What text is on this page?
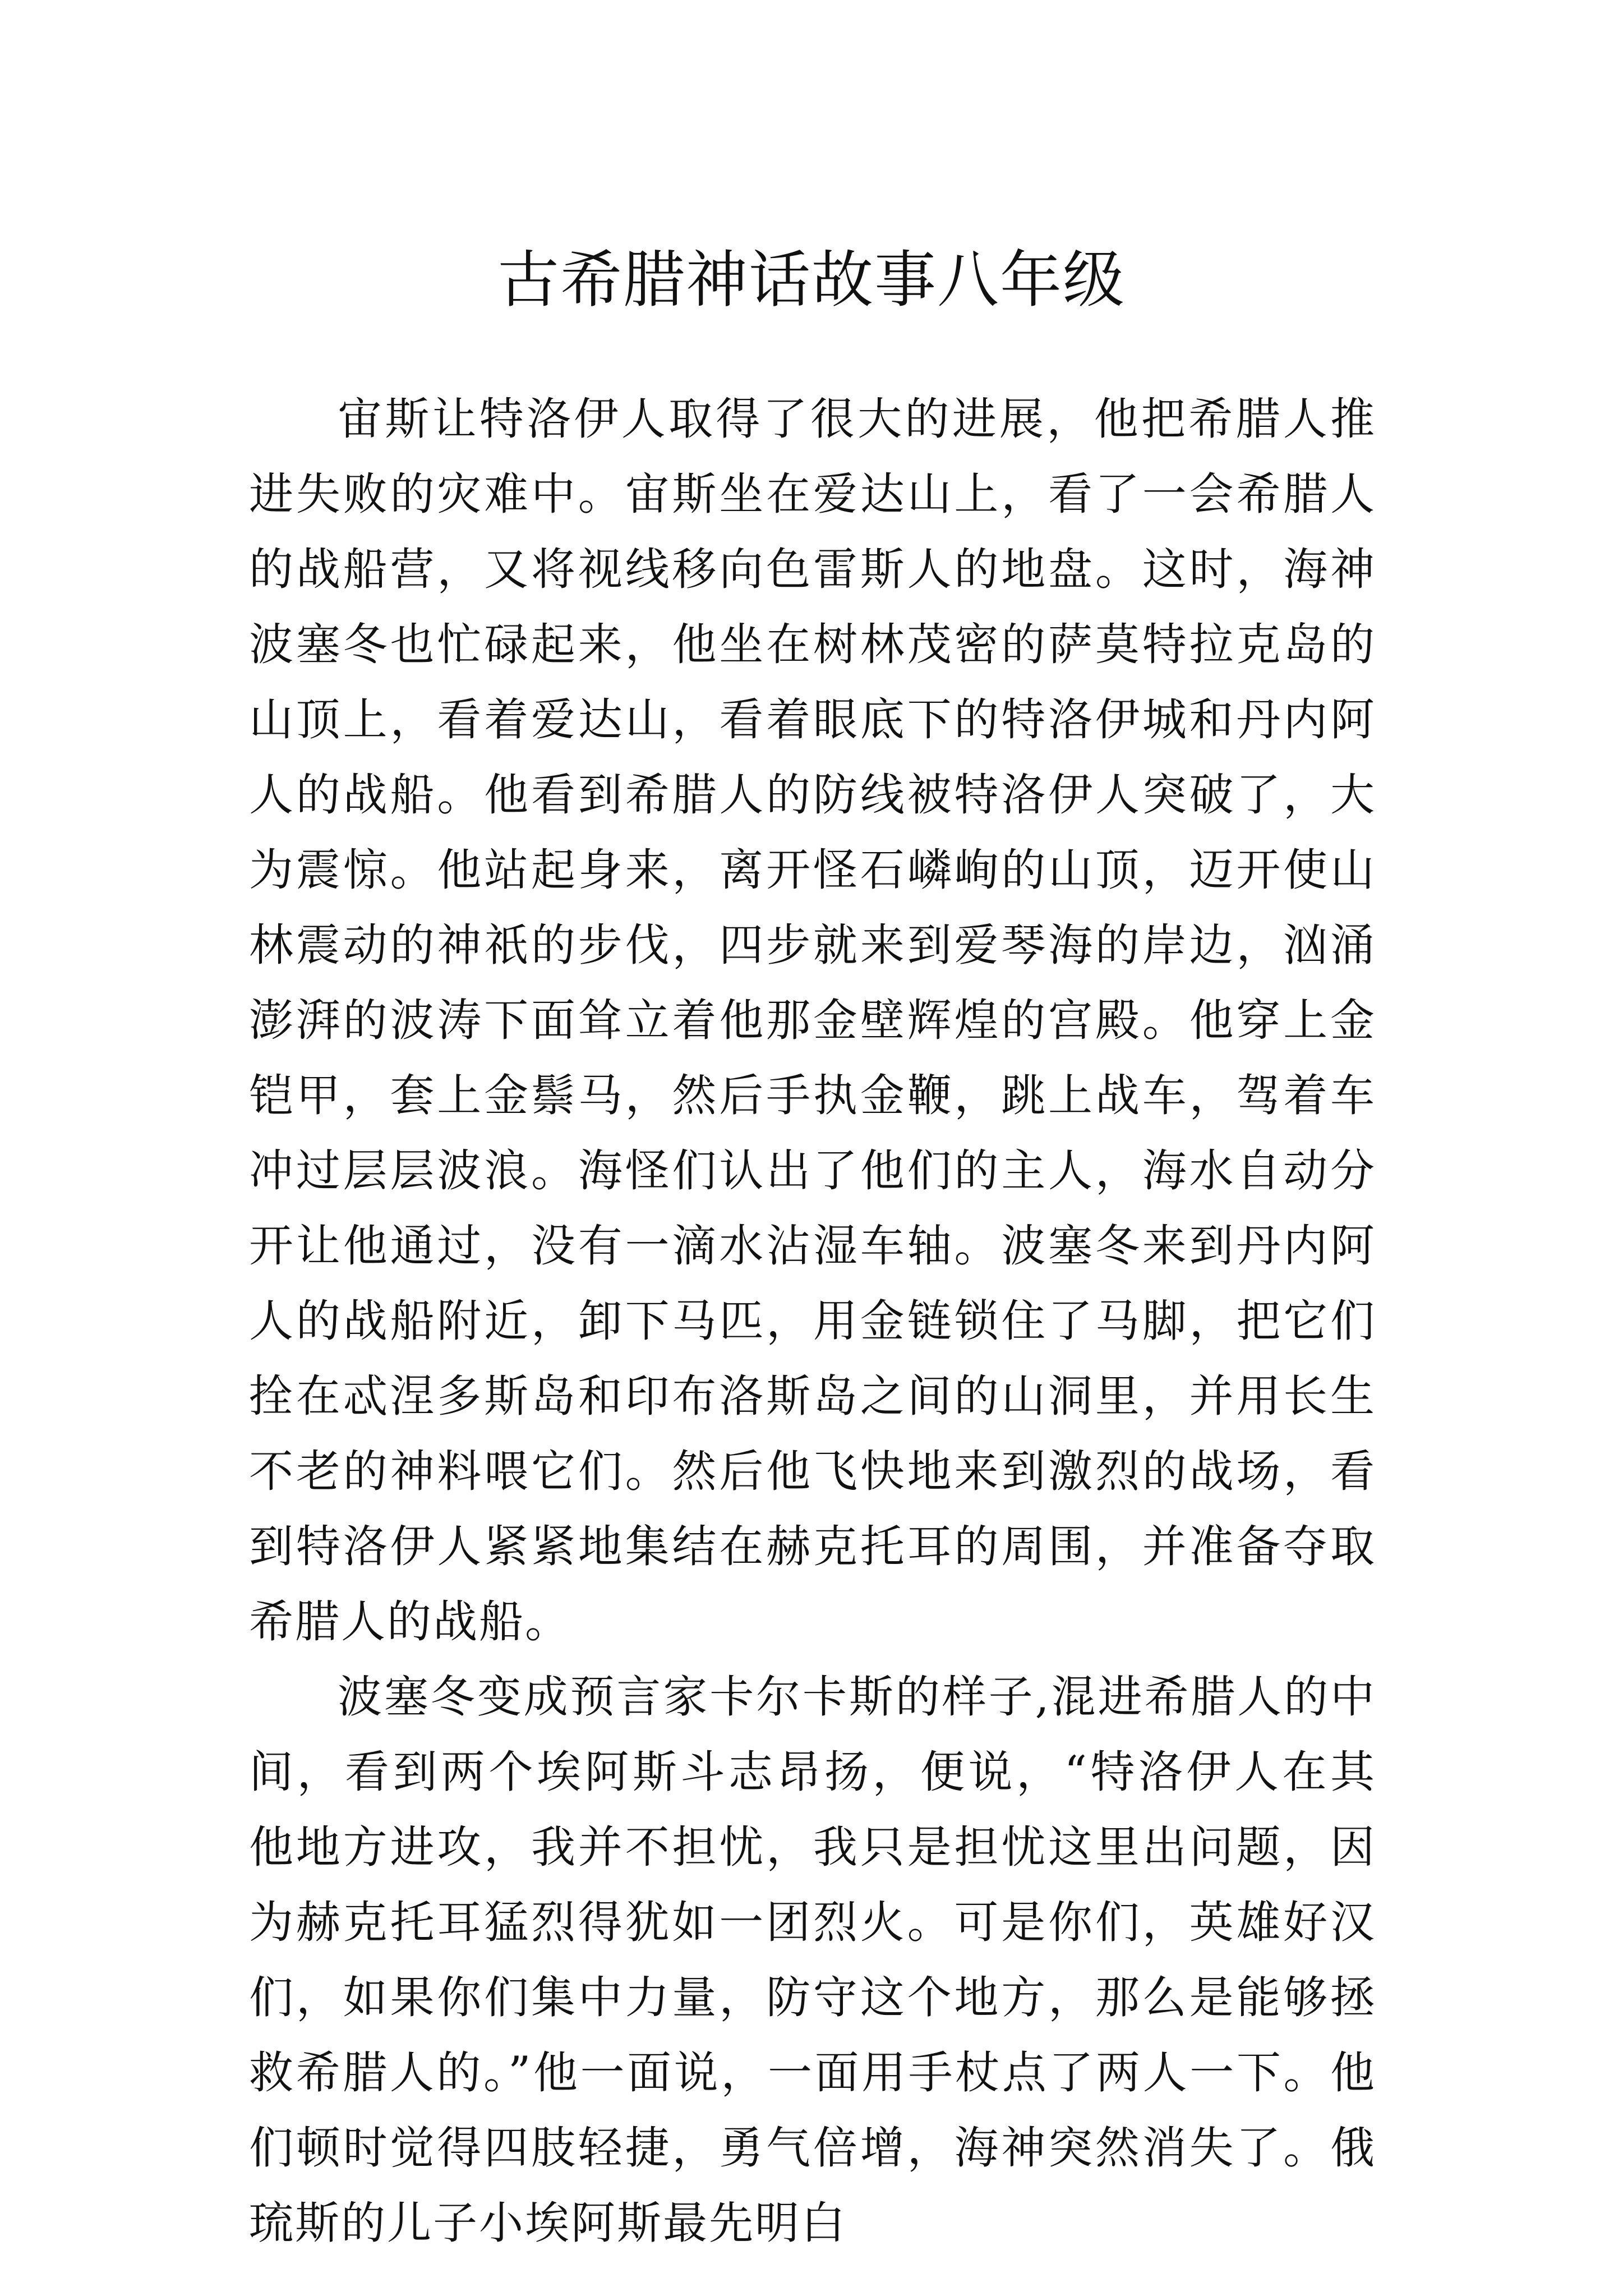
古希腊神话故事八年级

宙斯让特洛伊人取得了很大的进展，他把希腊人推进失败的灾难中。宙斯坐在爱达山上，看了一会希腊人的战船营，又将视线移向色雷斯人的地盘。这时，海神波塞冬也忙碌起来，他坐在树林茂密的萨莫特拉克岛的山顶上，看着爱达山，看着眼底下的特洛伊城和丹内阿人的战船。他看到希腊人的防线被特洛伊人突破了，大为震惊。他站起身来，离开怪石嶙峋的山顶，迈开使山林震动的神祇的步伐，四步就来到爱琴海的岸边，汹涌澎湃的波涛下面耸立着他那金壁辉煌的宫殿。他穿上金铠甲，套上金鬃马，然后手执金鞭，跳上战车，驾着车冲过层层波浪。海怪们认出了他们的主人，海水自动分开让他通过，没有一滴水沾湿车轴。波塞冬来到丹内阿人的战船附近，卸下马匹，用金链锁住了马脚，把它们拴在忒涅多斯岛和印布洛斯岛之间的山洞里，并用长生不老的神料喂它们。然后他飞快地来到激烈的战场，看到特洛伊人紧紧地集结在赫克托耳的周围，并准备夺取希腊人的战船。

波塞冬变成预言家卡尔卡斯的样子,混进希腊人的中间，看到两个埃阿斯斗志昂扬，便说，“特洛伊人在其他地方进攻，我并不担忧，我只是担忧这里出问题，因为赫克托耳猛烈得犹如一团烈火。可是你们，英雄好汉们，如果你们集中力量，防守这个地方，那么是能够拯救希腊人的。”他一面说，一面用手杖点了两人一下。他们顿时觉得四肢轻捷，勇气倍增，海神突然消失了。俄琉斯的儿子小埃阿斯最先明白
